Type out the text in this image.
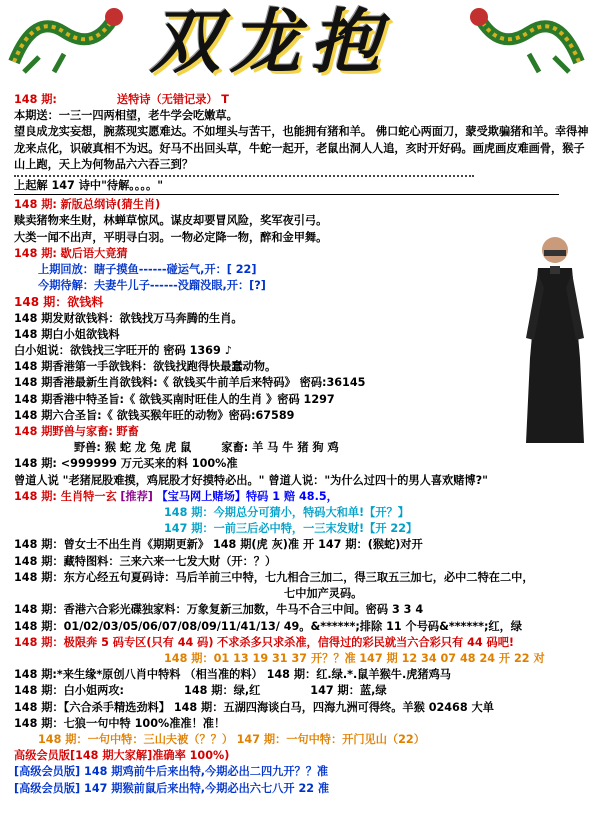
双龙抱
148 期:	送特诗（无错记录） T
本期送：一三一四两相望，老牛学会吃嫩草。
望良成龙实妄想，腕蒸现实愿难达。不如埋头与苦干，也能拥有猪和羊。 佛口蛇心两面刀，蒙受欺骗猪和羊。幸得神龙来点化，识破真相不为迟。好马不出回头草，牛蛇一起开，老鼠出洞人人追，亥时开好码。画虎画皮难画骨，猴子山上跑，天上为何物品六六吞三到？
上起解 147 诗中"待解。。。。"
148 期: 新版总纲诗(猜生肖)
赎卖猪物来生财，林蝉草惊风。谋皮却要冒风险，奖军夜引弓。
大类一闻不出声，平明寻白羽。一物必定降一物，醉和金甲舞。
148 期: 歇后语大竟猜
上期回放：瞎子摸鱼------碰运气,开：[ 22]
今期待解：夫妻牛儿子------没蹓没眼,开：[?]
148 期：欲钱料
148 期发财欲钱料：欲钱找万马奔腾的生肖。
148 期白小姐欲钱料
白小姐说：欲钱找三字旺开的 密码 1369 ♪
148 期香港第一手欲钱料：欲钱找跑得快最蠢动物。
148 期香港最新生肖欲钱料:《 欲钱买牛前羊后来特码》 密码:36145
148 期香港中特圣旨:《 欲钱买南时旺佳人的生肖 》密码 1297
148 期六合圣旨:《 欲钱买猴年旺的动物》密码:67589
148 期野兽与家畜: 野畜
野兽: 猴 蛇 龙 兔 虎 鼠	家畜: 羊 马 牛 猪 狗 鸡
148 期: <999999 万元买来的料 100%准
曾道人说 "老猪屁股难摸，鸡屁股才好摸特必出。" 曾道人说："为什么过四十的男人喜欢赌博?"
148 期: 生肖特一玄 [推荐] 【宝马网上赌场】特码 1 赔 48.5，
148 期：今期总分可猜小，特码大和单!【开？】
147 期：一前三后必中特，一三末发财!【开 22】
148 期：曾女士不出生肖《期期更新》 148 期(虎 灰)准 开 147 期：(猴蛇)对开
148 期：藏特图料：三来六来一七发大财（开：？）
148 期：东方心经五句夏码诗：马后羊前三中特，七九相合三加二，得三取五三加七，必中二特在二中，
七中加产灵码。
148 期：香港六合彩光碟独家料：万象复新三加数，牛马不合三中间。密码 3 3 4
148 期：01/02/03/05/06/07/08/09/11/41/13/ 49。&******;排除 11 个号码&******;红，绿
148 期：极限奔 5 码专区(只有 44 码) 不求杀多只求杀准，信得过的彩民就当六合彩只有 44 码吧!
148 期：01 13 19 31 37 开？？准 147 期 12 34 07 48 24 开 22 对
148 期:*来生缘*原创八肖中特料 （相当准的料） 148 期：红.绿.*.鼠羊猴牛.虎猪鸡马
148 期：白小姐两攻:	148 期：绿,红	147 期：蓝,绿
148 期：【六合杀手精选劲料】 148 期：五湖四海谈白马，四海九洲可得终。羊猴 02468 大单
148 期：七狼一句中特 100%准准！准！
148 期：一句中特：三山夫被（？？） 147 期：一句中特：开门见山（22）
高级会员版[148 期大家解]准确率 100%)
[高级会员版] 148 期鸡前牛后来出特,今期必出二四九开？？准
[高级会员版] 147 期猴前鼠后来出特,今期必出六七八开 22 准
